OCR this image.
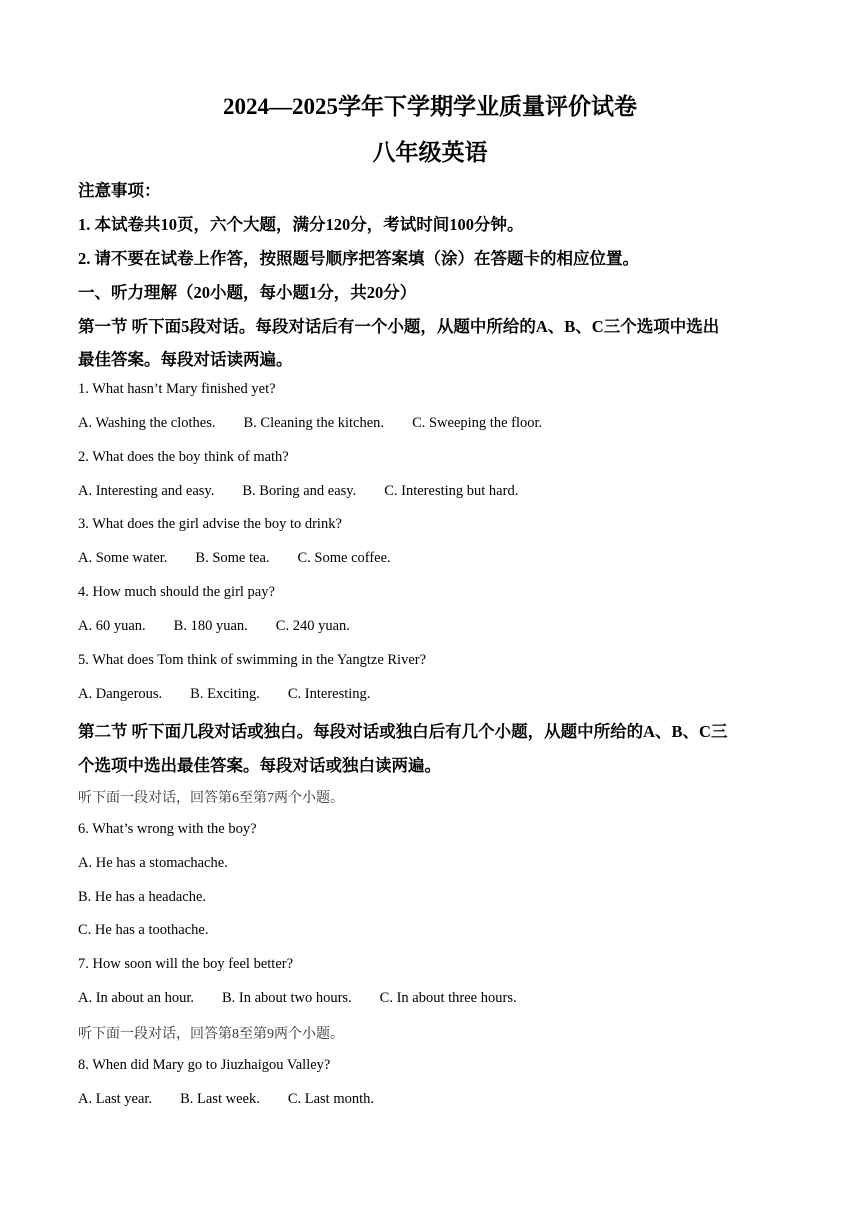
2024—2025学年下学期学业质量评价试卷
八年级英语
注意事项：
1. 本试卷共10页，六个大题，满分120分，考试时间100分钟。
2. 请不要在试卷上作答，按照题号顺序把答案填（涂）在答题卡的相应位置。
一、听力理解（20小题，每小题1分，共20分）
第一节 听下面5段对话。每段对话后有一个小题，从题中所给的A、B、C三个选项中选出
最佳答案。每段对话读两遍。
1. What hasn’t Mary finished yet?
A. Washing the clothes. B. Cleaning the kitchen. C. Sweeping the floor.
2. What does the boy think of math?
A. Interesting and easy. B. Boring and easy. C. Interesting but hard.
3. What does the girl advise the boy to drink?
A. Some water. B. Some tea. C. Some coffee.
4. How much should the girl pay?
A. 60 yuan. B. 180 yuan. C. 240 yuan.
5. What does Tom think of swimming in the Yangtze River?
A. Dangerous. B. Exciting. C. Interesting.
第二节 听下面几段对话或独白。每段对话或独白后有几个小题，从题中所给的A、B、C三
个选项中选出最佳答案。每段对话或独白读两遍。
听下面一段对话，回答第6至第7两个小题。
6. What’s wrong with the boy?
A. He has a stomachache.
B. He has a headache.
C. He has a toothache.
7. How soon will the boy feel better?
A. In about an hour. B. In about two hours. C. In about three hours.
听下面一段对话，回答第8至第9两个小题。
8. When did Mary go to Jiuzhaigou Valley?
A. Last year. B. Last week. C. Last month.
